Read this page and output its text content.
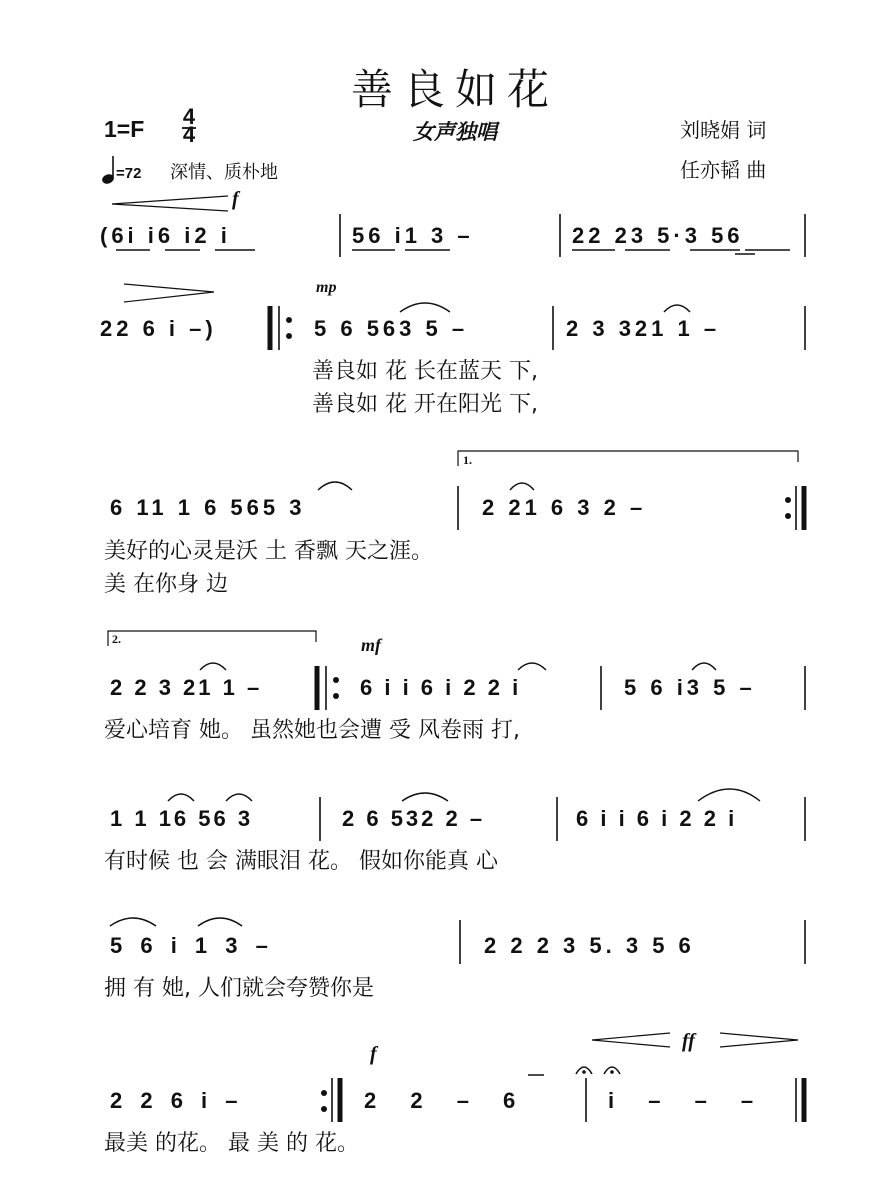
善良如花
1=F 4
4	女声独唱	刘晓娟 词
任亦韬 曲
=72 深情、质朴地
f
(6i i6 i2 i	56 i1 3 –	22 23 5·3 56
mp
22 6 i –)	5 6 563 5 –	2 3 321 1 –
善良如 花 长在蓝天 下,
善良如 花 开在阳光 下,
1.
6 11 1 6 565 3	2 21 6 3 2 –
美好的心灵是沃 土 香飘 天之涯。
美 在你身 边
2.	mf
2 2 3 21 1 –	6 i i 6 i 2 2 i	5 6 i3 5 –
爱心培育 她。 虽然她也会遭 受 风卷雨 打,
1 1 16 56 3	2 6 532 2 –	6 i i 6 i 2 2 i
有时候 也 会 满眼泪 花。 假如你能真 心
5 6 i 1 3 –	2 2 2 3 5. 3 5 6
拥 有 她, 人们就会夸赞你是
ff
f
2 2 6 i –	2 2 – 6	i – – –
最美 的花。 最 美 的 花。
